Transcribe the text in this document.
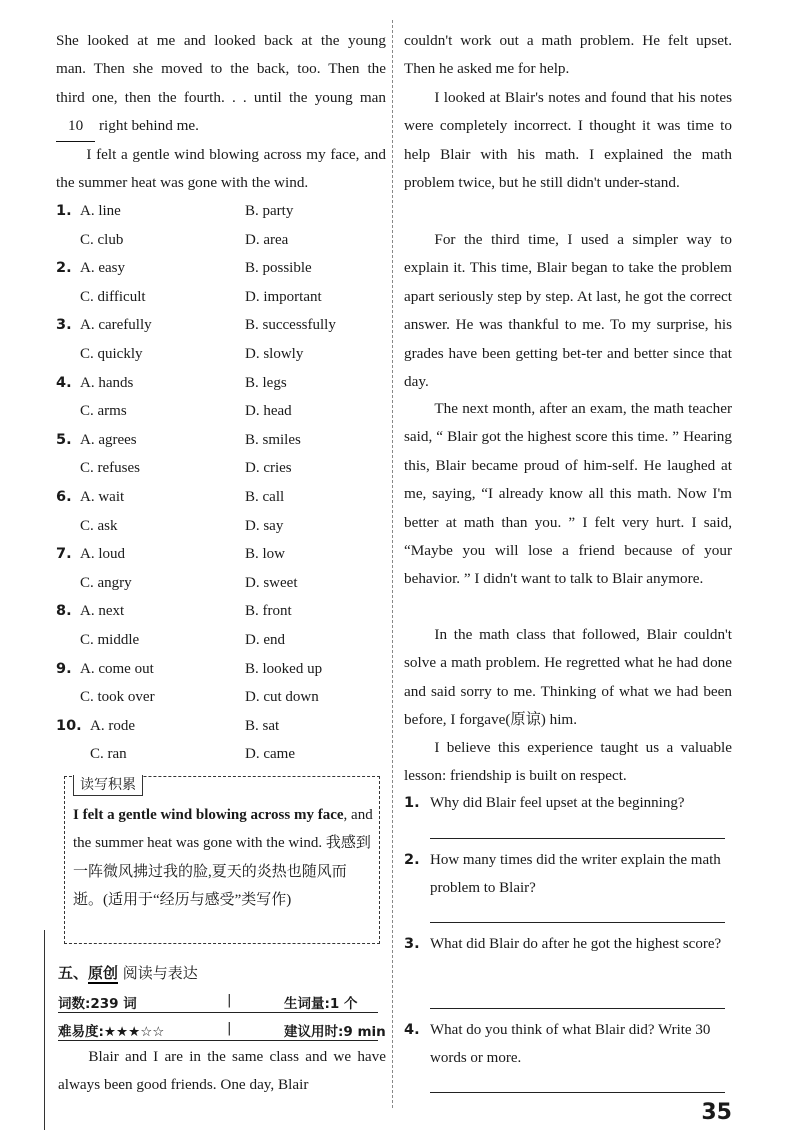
She looked at me and looked back at the young
man. Then she moved to the back, too. Then the
third one, then the fourth. . . until the young man
10 right behind me.

I felt a gentle wind blowing across my face, and the summer heat was gone with the wind.

1. A. line	B. party
C. club	D. area
2. A. easy	B. possible
C. difficult	D. important
3. A. carefully	B. successfully
C. quickly	D. slowly
4. A. hands	B. legs
C. arms	D. head
5. A. agrees	B. smiles
C. refuses	D. cries
6. A. wait	B. call
C. ask	D. say
7. A. loud	B. low
C. angry	D. sweet
8. A. next	B. front
C. middle	D. end
9. A. come out	B. looked up
C. took over	D. cut down
10. A. rode	B. sat
C. ran	D. came
读写积累

I felt a gentle wind blowing across my face, and the summer heat was gone with the wind. 我感到一阵微风拂过我的脸,夏天的炎热也随风而逝。(适用于“经历与感受”类写作)

五、原创 阅读与表达
词数:239 词	|	生词量:1 个
难易度:★★★☆☆	|	建议用时:9 min

Blair and I are in the same class and we have always been good friends. One day, Blair

couldn't work out a math problem. He felt upset. Then he asked me for help.

I looked at Blair's notes and found that his notes were completely incorrect. I thought it was time to help Blair with his math. I explained the math problem twice, but he still didn't under-stand.

For the third time, I used a simpler way to explain it. This time, Blair began to take the problem apart seriously step by step. At last, he got the correct answer. He was thankful to me. To my surprise, his grades have been getting bet-ter and better since that day.

The next month, after an exam, the math teacher said, “ Blair got the highest score this time. ” Hearing this, Blair became proud of him-self. He laughed at me, saying, “I already know all this math. Now I'm better at math than you. ” I felt very hurt. I said, “Maybe you will lose a friend because of your behavior. ” I didn't want to talk to Blair anymore.

In the math class that followed, Blair couldn't solve a math problem. He regretted what he had done and said sorry to me. Thinking of what we had been before, I forgave(原谅) him.

I believe this experience taught us a valuable lesson: friendship is built on respect.

1. Why did Blair feel upset at the beginning?
2. How many times did the writer explain the math problem to Blair?
3. What did Blair do after he got the highest score?
4. What do you think of what Blair did? Write 30 words or more.
35
